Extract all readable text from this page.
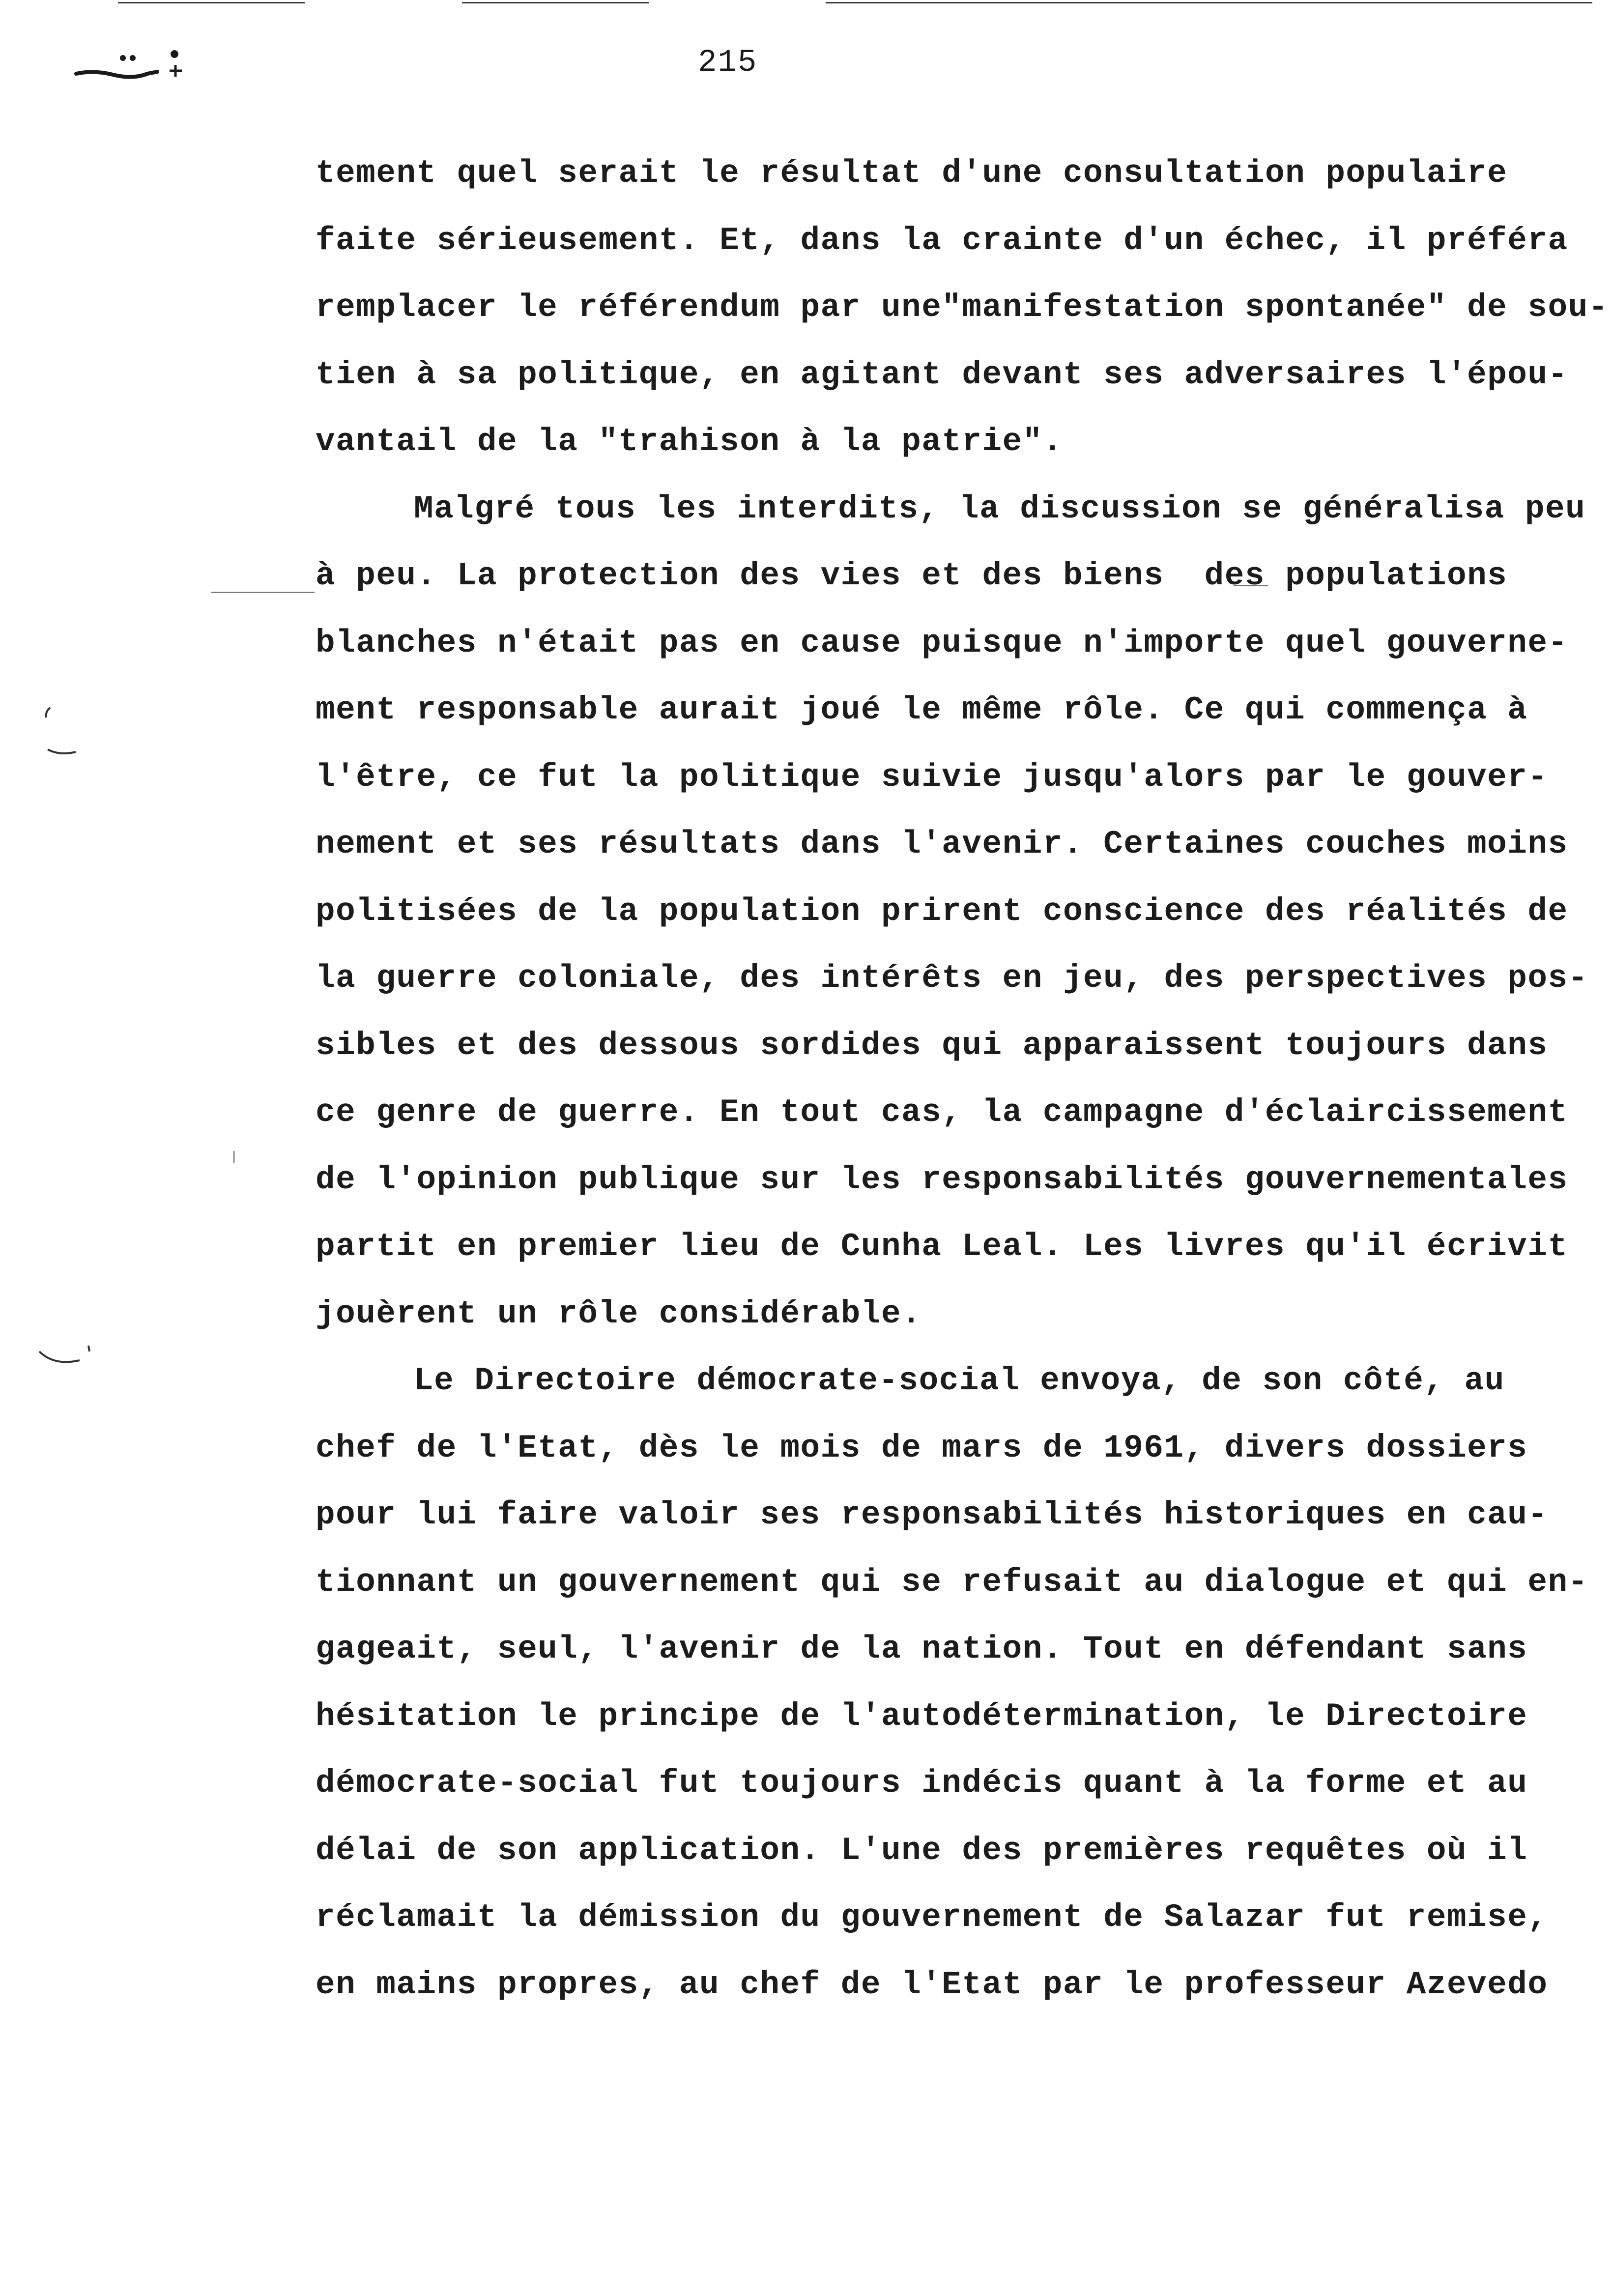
215
tement quel serait le résultat d'une consultation populaire
faite sérieusement. Et, dans la crainte d'un échec, il préféra
remplacer le référendum par une"manifestation spontanée" de sou-
tien à sa politique, en agitant devant ses adversaires l'épou-
vantail de la "trahison à la patrie".
Malgré tous les interdits, la discussion se généralisa peu
à peu. La protection des vies et des biens  des populations
blanches n'était pas en cause puisque n'importe quel gouverne-
ment responsable aurait joué le même rôle. Ce qui commença à
l'être, ce fut la politique suivie jusqu'alors par le gouver-
nement et ses résultats dans l'avenir. Certaines couches moins
politisées de la population prirent conscience des réalités de
la guerre coloniale, des intérêts en jeu, des perspectives pos-
sibles et des dessous sordides qui apparaissent toujours dans
ce genre de guerre. En tout cas, la campagne d'éclaircissement
de l'opinion publique sur les responsabilités gouvernementales
partit en premier lieu de Cunha Leal. Les livres qu'il écrivit
jouèrent un rôle considérable.
Le Directoire démocrate-social envoya, de son côté, au
chef de l'Etat, dès le mois de mars de 1961, divers dossiers
pour lui faire valoir ses responsabilités historiques en cau-
tionnant un gouvernement qui se refusait au dialogue et qui en-
gageait, seul, l'avenir de la nation. Tout en défendant sans
hésitation le principe de l'autodétermination, le Directoire
démocrate-social fut toujours indécis quant à la forme et au
délai de son application. L'une des premières requêtes où il
réclamait la démission du gouvernement de Salazar fut remise,
en mains propres, au chef de l'Etat par le professeur Azevedo
